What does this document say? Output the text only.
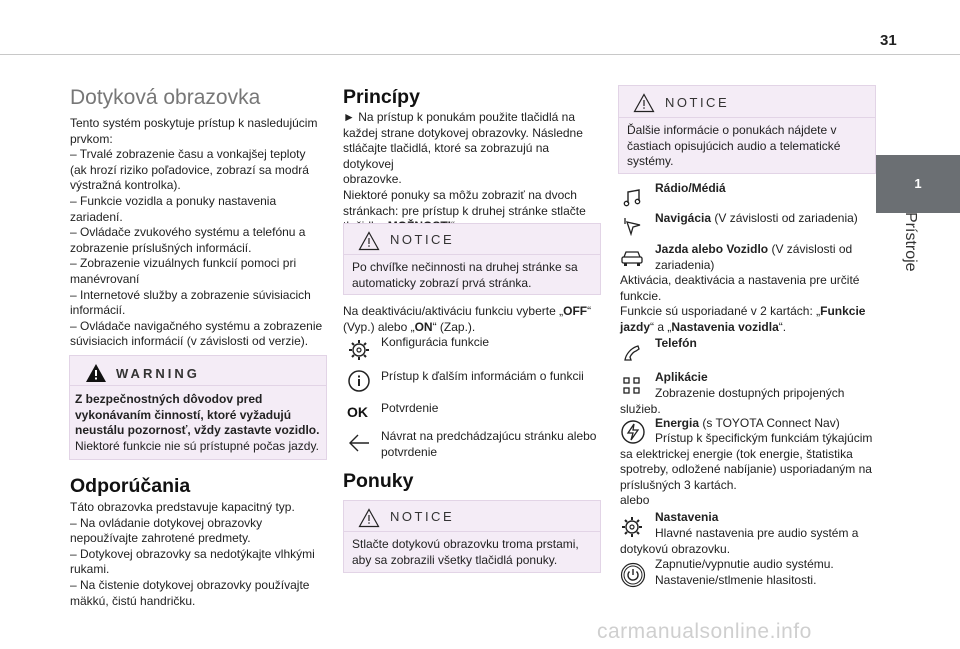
31
1
Prístroje
Dotyková obrazovka

Tento systém poskytuje prístup k nasledujúcim
prvkom:
– Trvalé zobrazenie času a vonkajšej teploty
(ak hrozí riziko poľadovice, zobrazí sa modrá
výstražná kontrolka).
– Funkcie vozidla a ponuky nastavenia
zariadení.
– Ovládače zvukového systému a telefónu a
zobrazenie príslušných informácií.
– Zobrazenie vizuálnych funkcií pomoci pri
manévrovaní
– Internetové služby a zobrazenie súvisiacich
informácií.
– Ovládače navigačného systému a zobrazenie
súvisiacich informácií (v závislosti od verzie).

WARNING

Z bezpečnostných dôvodov pred
vykonávaním činností, ktoré vyžadujú
neustálu pozornosť, vždy zastavte vozidlo.

Niektoré funkcie nie sú prístupné počas jazdy.

Odporúčania

Táto obrazovka predstavuje kapacitný typ.
– Na ovládanie dotykovej obrazovky
nepoužívajte zahrotené predmety.
– Dotykovej obrazovky sa nedotýkajte vlhkými
rukami.
– Na čistenie dotykovej obrazovky používajte
mäkkú, čistú handričku.

Princípy

► Na prístup k ponukám použite tlačidlá na
každej strane dotykovej obrazovky. Následne
stláčajte tlačidlá, ktoré sa zobrazujú na dotykovej
obrazovke.
Niektoré ponuky sa môžu zobraziť na dvoch
stránkach: pre prístup k druhej stránke stlačte

NOTICE

Po chvíľke nečinnosti na druhej stránke sa
automaticky zobrazí prvá stránka.

Na deaktiváciu/aktiváciu funkciu vyberte „OFF“
(Vyp.) alebo „ON“ (Zap.).

Konfigurácia funkcie
Prístup k ďalším informáciám o funkcii
OK Potvrdenie
Návrat na predchádzajúcu stránku alebo
potvrdenie
Ponuky
NOTICE

Stlačte dotykovú obrazovku troma prstami,
aby sa zobrazili všetky tlačidlá ponuky.

NOTICE

Ďalšie informácie o ponukách nájdete v
častiach opisujúcich audio a telematické
systémy.

Rádio/Médiá
Navigácia (V závislosti od zariadenia)
Jazda alebo Vozidlo (V závislosti od
zariadenia)
Aktivácia, deaktivácia a nastavenia pre určité
funkcie.
Funkcie sú usporiadané v 2 kartách: „Funkcie
jazdy“ a „Nastavenia vozidla“.
Telefón
Aplikácie
Zobrazenie dostupných pripojených
služieb.
Energia (s TOYOTA Connect Nav)
Prístup k špecifickým funkciám týkajúcim
sa elektrickej energie (tok energie, štatistika
spotreby, odložené nabíjanie) usporiadaným na
príslušných 3 kartách.
alebo
Nastavenia
Hlavné nastavenia pre audio systém a
dotykovú obrazovku.
Zapnutie/vypnutie audio systému.
Nastavenie/stlmenie hlasitosti.
carmanualsonline.info
